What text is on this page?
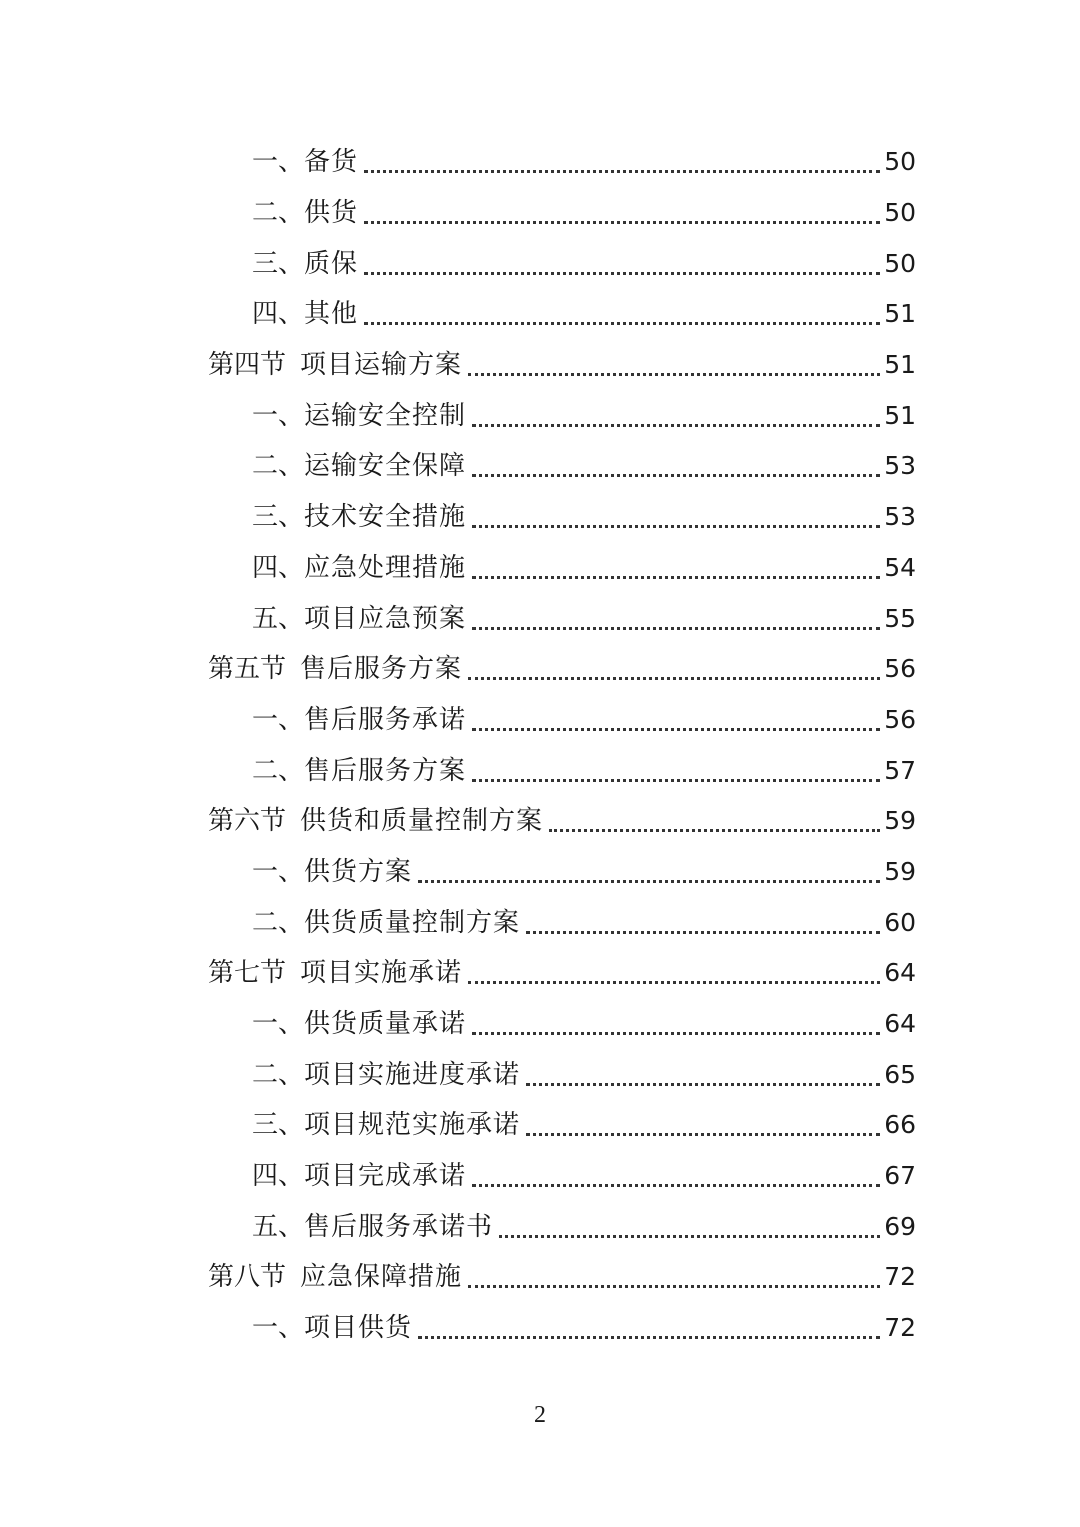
一、 备货	50
二、 供货	50
三、 质保	50
四、 其他	51
第四节 项目运输方案	51
一、 运输安全控制	51
二、 运输安全保障	53
三、 技术安全措施	53
四、 应急处理措施	54
五、 项目应急预案	55
第五节 售后服务方案	56
一、 售后服务承诺	56
二、 售后服务方案	57
第六节 供货和质量控制方案	59
一、 供货方案	59
二、 供货质量控制方案	60
第七节 项目实施承诺	64
一、 供货质量承诺	64
二、 项目实施进度承诺	65
三、 项目规范实施承诺	66
四、 项目完成承诺	67
五、 售后服务承诺书	69
第八节 应急保障措施	72
一、 项目供货	72
2
